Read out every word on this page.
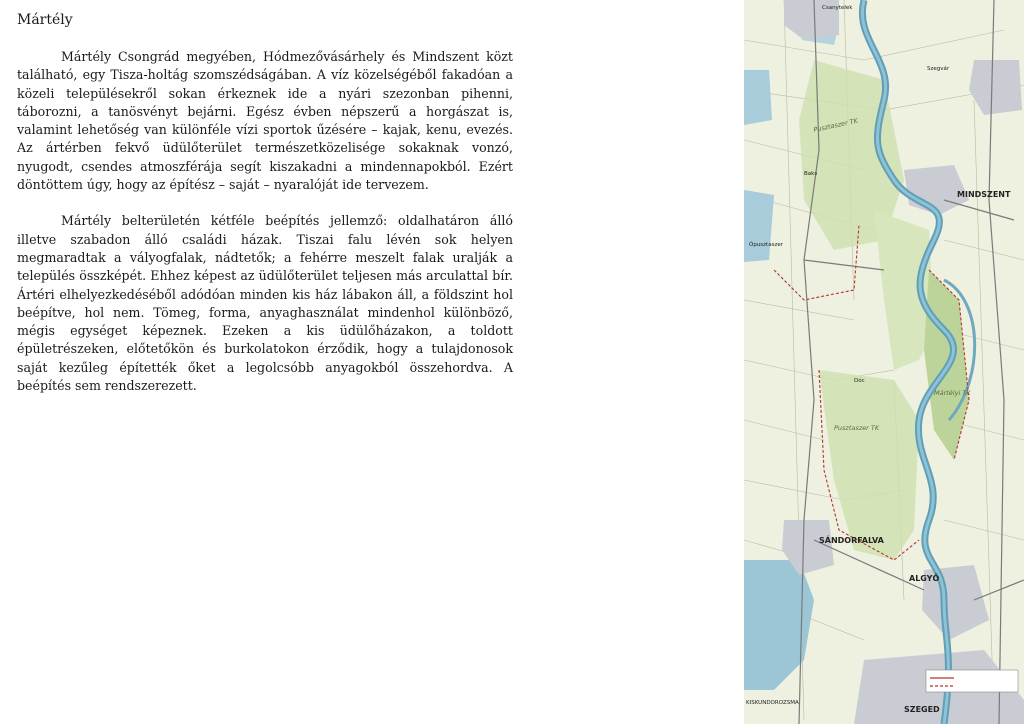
Mártély

Mártély Csongrád megyében, Hódmezővásárhely és Mindszent közt található, egy Tisza-holtág szomszédságában. A víz közelségéből fakadóan a közeli településekről sokan érkeznek ide a nyári szezonban pihenni, táborozni, a tanösvényt bejárni. Egész évben népszerű a horgászat is, valamint lehetőség van különféle vízi sportok űzésére – kajak, kenu, evezés. Az ártérben fekvő üdülőterület természetközelisége sokaknak vonzó, nyugodt, csendes atmoszférája segít kiszakadni a mindennapokból. Ezért döntöttem úgy, hogy az építész – saját – nyaralóját ide tervezem.

Mártély belterületén kétféle beépítés jellemző: oldalhatáron álló illetve szabadon álló családi házak. Tiszai falu lévén sok helyen megmaradtak a vályogfalak, nádtetők; a fehérre meszelt falak uralják a település összképét. Ehhez képest az üdülőterület teljesen más arculattal bír. Ártéri elhelyezkedéséből adódóan minden kis ház lábakon áll, a földszint hol beépítve, hol nem. Tömeg, forma, anyaghasználat mindenhol különböző, mégis egységet képeznek. Ezeken a kis üdülőházakon, a toldott épületrészeken, előtetőkön és burkolatokon érződik, hogy a tulajdonosok saját kezűleg építették őket a legolcsóbb anyagokból összehordva. A beépítés sem rendszerezett.

Csanytelek
Szegvár
Baks
MINDSZENT
Ópusztaszer
Dóc
SÁNDORFALVA
ALGYŐ
SZEGED
KISKUNDOROZSMA
Pusztaszer TK
Pusztaszer TK
Mártélyi TK
